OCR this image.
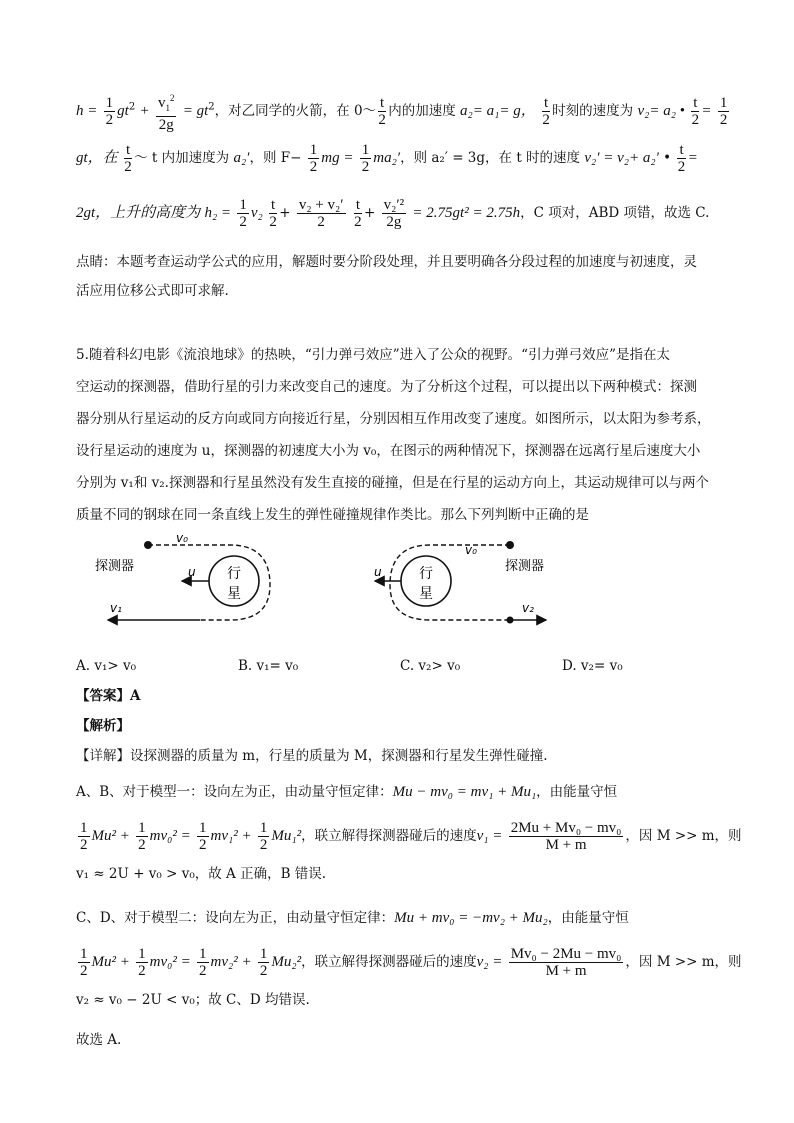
$h = \frac{1}{2} gt^2 + \frac{v_1^2}{2g} = gt^2$，对乙同学的火箭，在 0～ $\frac{t}{2}$ 内的加速度 a₂= a₁= g， $\frac{t}{2}$ 时刻的速度为 v₂= a₂ • $\frac{t}{2} = \frac{1}{2}$
gt，在 $\frac{t}{2}$ ～ t 内加速度为 a₂′，则 $F- \frac{1}{2}$ mg = $\frac{1}{2} ma_2'$，则 a₂′ = 3g，在 t 时的速度 v₂′ = v₂+ a₂′ • $\frac{t}{2}$ =
2gt，上升的高度为 $h_2 = \frac{1}{2} v_2 \frac{t}{2} + \frac{\text{v₂ + v₂′}}{2}$
$\frac{t}{2} + \frac{\text{v₂′²}}{2g} = 2.75gt^2 = 2.75h$，C 项对，ABD 项错，故选 C.
点睛：本题考查运动学公式的应用，解题时要分阶段处理，并且要明确各分段过程的加速度与初速度，灵
活应用位移公式即可求解.
5.随着科幻电影《流浪地球》的热映，“引力弹弓效应”进入了公众的视野。“引力弹弓效应”是指在太
空运动的探测器，借助行星的引力来改变自己的速度。为了分析这个过程，可以提出以下两种模式：探测
器分别从行星运动的反方向或同方向接近行星，分别因相互作用改变了速度。如图所示，以太阳为参考系，
设行星运动的速度为 u，探测器的初速度大小为 v₀，在图示的两种情况下，探测器在远离行星后速度大小
分别为 v₁和 v₂.探测器和行星虽然没有发生直接的碰撞，但是在行星的运动方向上，其运动规律可以与两个
质量不同的钢球在同一条直线上发生的弹性碰撞规律作类比。那么下列判断中正确的是
探测器
v₀
u
v₁
行
星
探测器
v₀
u
v₂
行
星
A. v₁> v₀	B. v₁= v₀	C. v₂> v₀	D. v₂= v₀
【答案】A
【解析】
【详解】设探测器的质量为 m，行星的质量为 M，探测器和行星发生弹性碰撞.
A、B、对于模型一：设向左为正，由动量守恒定律：Mu − mv₀ = mv₁ + Mu₁，由能量守恒
$\frac{1}{2} Mu^2 + \frac{1}{2} mv_0^2 = \frac{1}{2} mv_1^2 + \frac{1}{2} Mu_1^2$，联立解得探测器碰后的速度$v_1 = \frac{\text{2Mu + Mv₀ − mv₀}}{M + m}$ ，因 M >> m，则
v₁ ≈ 2U + v₀ > v₀，故 A 正确，B 错误.
C、D、对于模型二：设向左为正，由动量守恒定律：Mu + mv₀ = −mv₂ + Mu₂，由能量守恒
$\frac{1}{2} Mu^2 + \frac{1}{2} mv_0^2 = \frac{1}{2} mv_2^2 + \frac{1}{2} Mu_2^2$，联立解得探测器碰后的速度$v_2 = \frac{\text{Mv₀ − 2Mu − mv₀}}{M + m}$ ，因 M >> m，则
v₂ ≈ v₀ − 2U < v₀；故 C、D 均错误.
故选 A.
